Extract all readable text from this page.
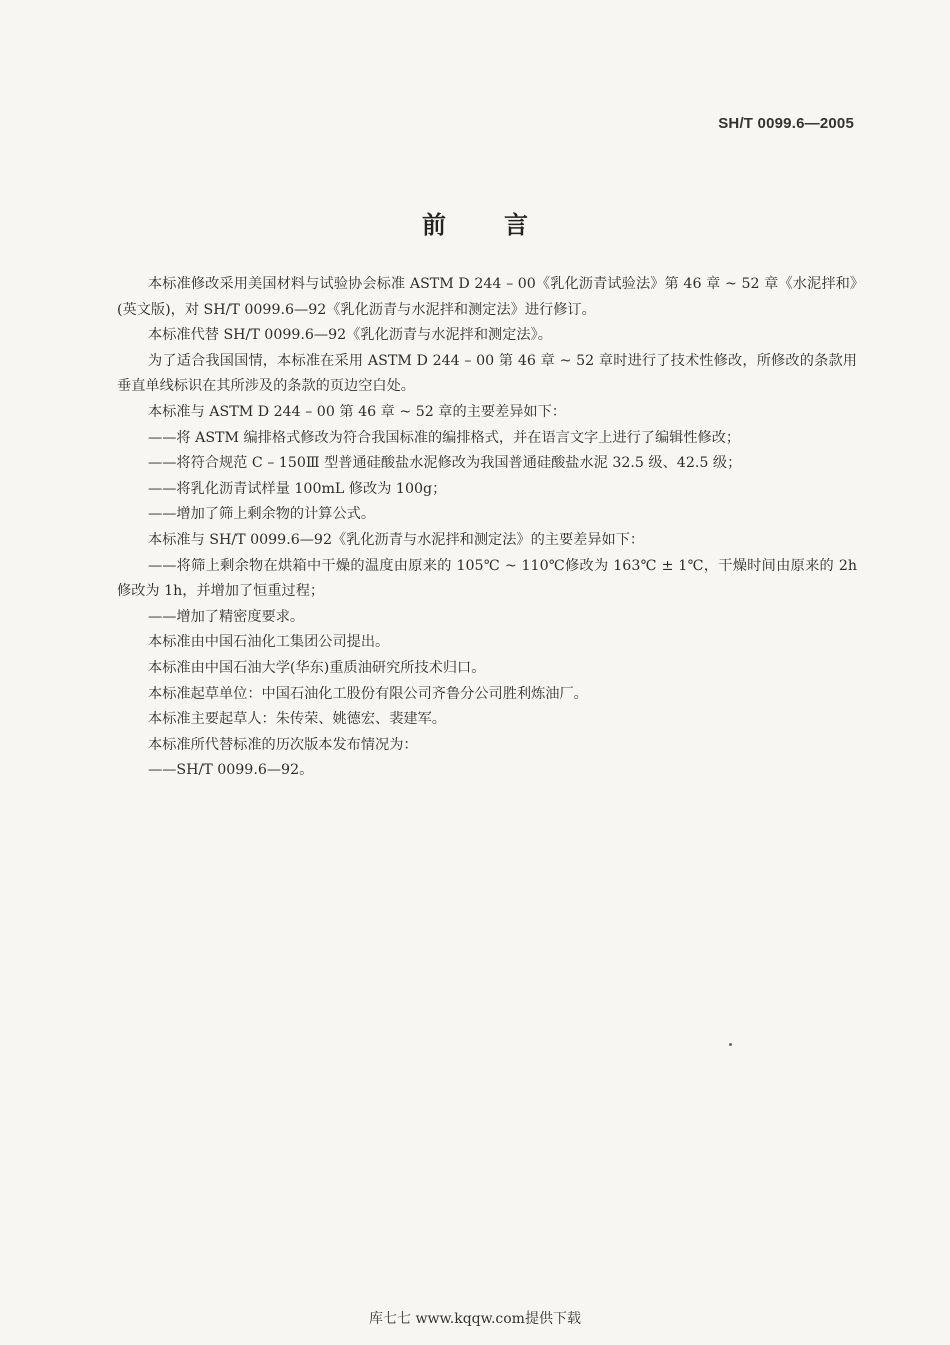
SH/T 0099.6—2005
前言

本标准修改采用美国材料与试验协会标准 ASTM D 244 – 00《乳化沥青试验法》第 46 章 ~ 52 章《水泥拌和》(英文版)，对 SH/T 0099.6—92《乳化沥青与水泥拌和测定法》进行修订。

本标准代替 SH/T 0099.6—92《乳化沥青与水泥拌和测定法》。

为了适合我国国情，本标准在采用 ASTM D 244 – 00 第 46 章 ~ 52 章时进行了技术性修改，所修改的条款用垂直单线标识在其所涉及的条款的页边空白处。

本标准与 ASTM D 244 – 00 第 46 章 ~ 52 章的主要差异如下：

——将 ASTM 编排格式修改为符合我国标准的编排格式，并在语言文字上进行了编辑性修改；

——将符合规范 C – 150Ⅲ 型普通硅酸盐水泥修改为我国普通硅酸盐水泥 32.5 级、42.5 级；

——将乳化沥青试样量 100mL 修改为 100g；

——增加了筛上剩余物的计算公式。

本标准与 SH/T 0099.6—92《乳化沥青与水泥拌和测定法》的主要差异如下：

——将筛上剩余物在烘箱中干燥的温度由原来的 105℃ ~ 110℃修改为 163℃ ± 1℃，干燥时间由原来的 2h 修改为 1h，并增加了恒重过程；

——增加了精密度要求。

本标准由中国石油化工集团公司提出。

本标准由中国石油大学(华东)重质油研究所技术归口。

本标准起草单位：中国石油化工股份有限公司齐鲁分公司胜利炼油厂。

本标准主要起草人：朱传荣、姚德宏、裴建军。

本标准所代替标准的历次版本发布情况为：

——SH/T 0099.6—92。

库七七 www.kqqw.com提供下载
